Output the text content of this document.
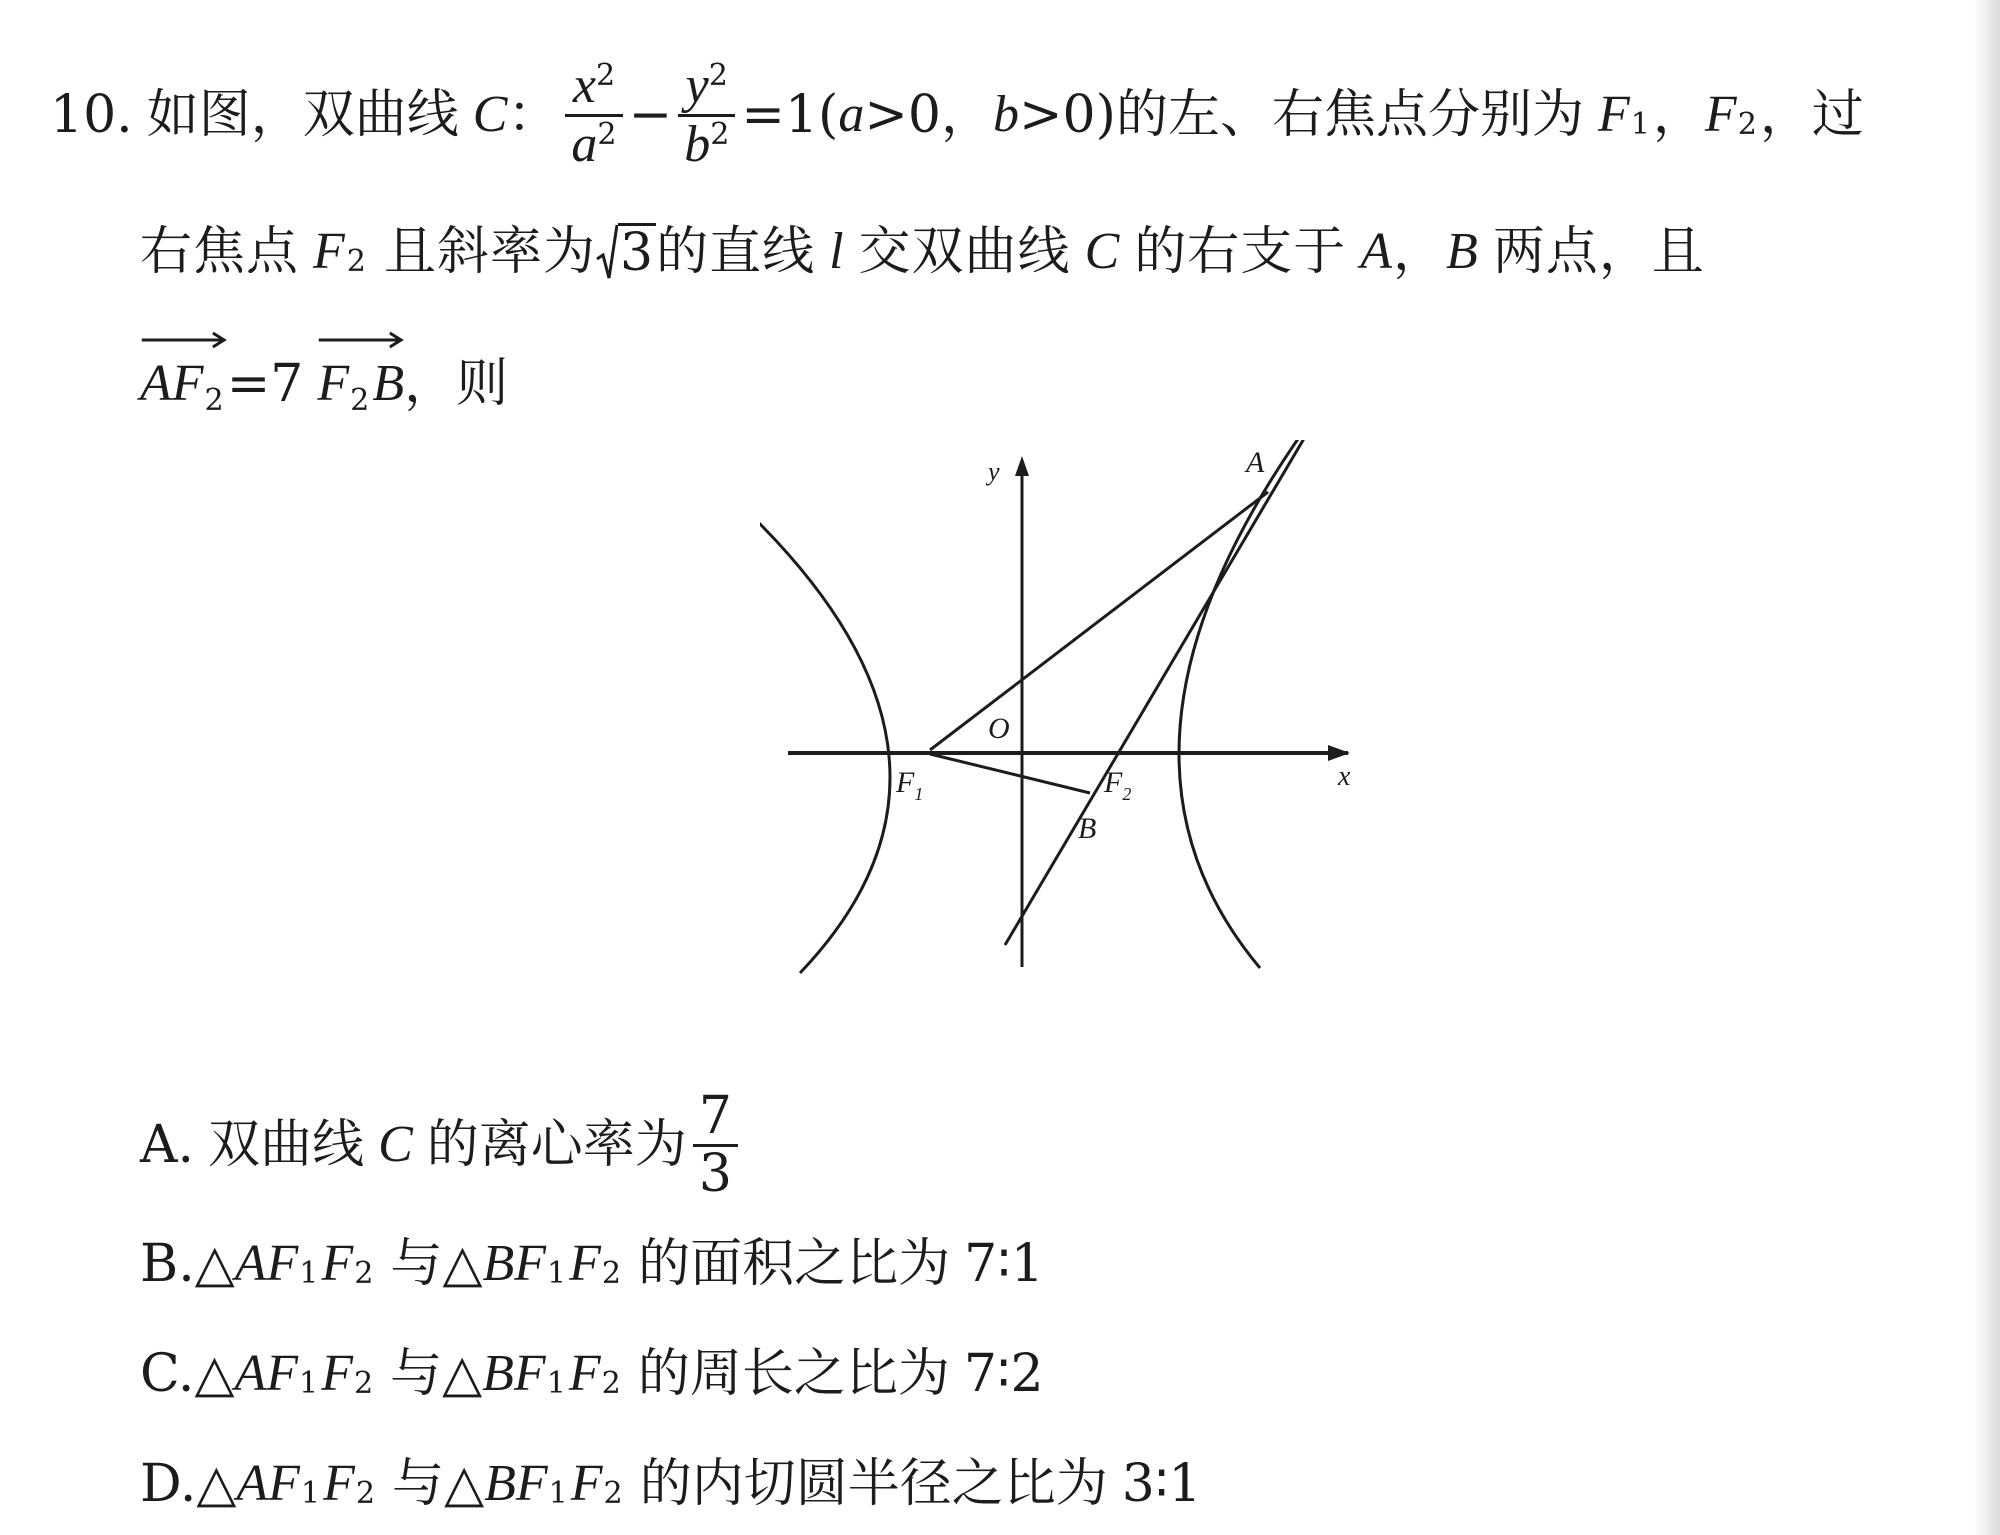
10. 如图，双曲线 C ： $\frac{x^2}{a^2} - \frac{y^2}{b^2} =1$( a >0， b >0) 的左、右焦点分别为 F 1 ， F 2 ， 过
右焦点 F 2 且斜率为 3 的直线 l 交双曲线 C 的右支于 A ， B 两点，且
AF2 =7 F2B ，则
y	A
O
x
$F_1$	$F_2$
B
A. 双曲线 C 的离心率为 $\frac{7}{3}$
B. △ AF 1 F 2 与 △ BF 1 F 2 的面积之比为 7∶1
C. △ AF 1 F 2 与 △ BF 1 F 2 的周长之比为 7∶2
D. △ AF 1 F 2 与 △ BF 1 F 2 的内切圆半径之比为 3∶1
